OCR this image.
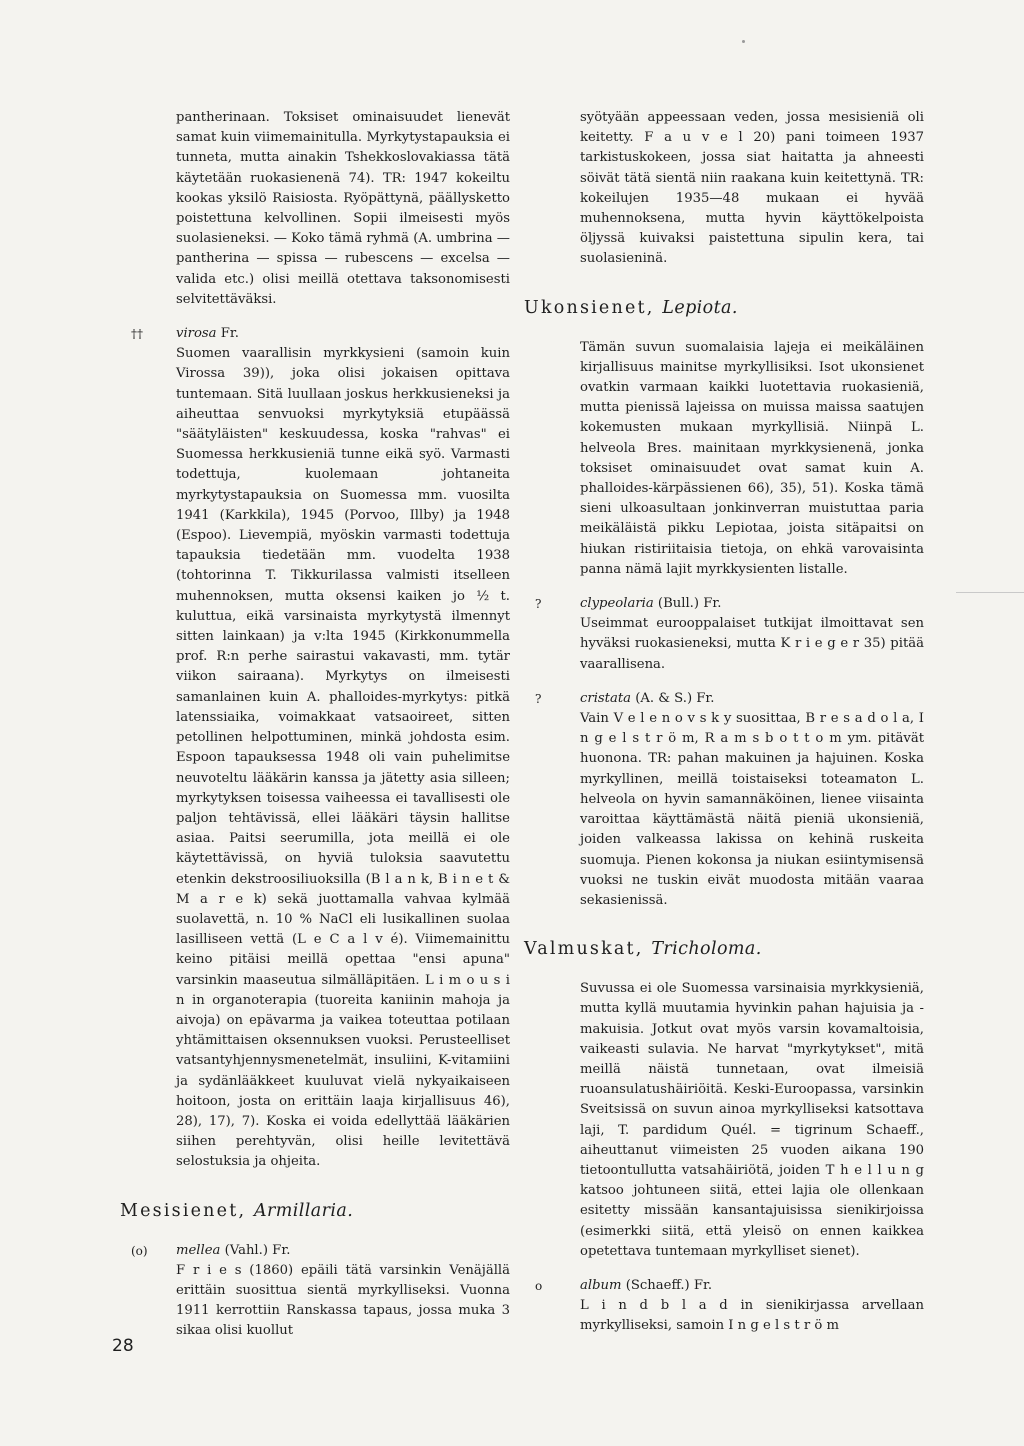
pantherinaan. Toksiset ominaisuudet lienevät samat kuin viimemainitulla. Myrkytystapauksia ei tunneta, mutta ainakin Tshekkoslovakiassa tätä käytetään ruokasienenä 74). TR: 1947 kokeiltu kookas yksilö Raisiosta. Ryöpättynä, päällysketto poistettuna kelvollinen. Sopii ilmeisesti myös suolasieneksi. — Koko tämä ryhmä (A. umbrina — pantherina — spissa — rubescens — excelsa — valida etc.) olisi meillä otettava taksonomisesti selvitettäväksi.

††	virosa Fr.
Suomen vaarallisin myrkkysieni (samoin kuin Virossa 39)), joka olisi jokaisen opittava tuntemaan. Sitä luullaan joskus herkkusieneksi ja aiheuttaa senvuoksi myrkytyksiä etupäässä "säätyläisten" keskuudessa, koska "rahvas" ei Suomessa herkkusieniä tunne eikä syö. Varmasti todettuja, kuolemaan johtaneita myrkytystapauksia on Suomessa mm. vuosilta 1941 (Karkkila), 1945 (Porvoo, Illby) ja 1948 (Espoo). Lievempiä, myöskin varmasti todettuja tapauksia tiedetään mm. vuodelta 1938 (tohtorinna T. Tikkurilassa valmisti itselleen muhennoksen, mutta oksensi kaiken jo ½ t. kuluttua, eikä varsinaista myrkytystä ilmennyt sitten lainkaan) ja v:lta 1945 (Kirkkonummella prof. R:n perhe sairastui vakavasti, mm. tytär viikon sairaana). Myrkytys on ilmeisesti samanlainen kuin A. phalloides-myrkytys: pitkä latenssiaika, voimakkaat vatsaoireet, sitten petollinen helpottuminen, minkä johdosta esim. Espoon tapauksessa 1948 oli vain puhelimitse neuvoteltu lääkärin kanssa ja jätetty asia silleen; myrkytyksen toisessa vaiheessa ei tavallisesti ole paljon tehtävissä, ellei lääkäri täysin hallitse asiaa. Paitsi seerumilla, jota meillä ei ole käytettävissä, on hyviä tuloksia saavutettu etenkin dekstroosiliuoksilla (B l a n k, B i n e t & M a r e k) sekä juottamalla vahvaa kylmää suolavettä, n. 10 % NaCl eli lusikallinen suolaa lasilliseen vettä (L e C a l v é). Viimemainittu keino pitäisi meillä opettaa "ensi apuna" varsinkin maaseutua silmälläpitäen. L i m o u s i n in organoterapia (tuoreita kaniinin mahoja ja aivoja) on epävarma ja vaikea toteuttaa potilaan yhtämittaisen oksennuksen vuoksi. Perusteelliset vatsantyhjennysmenetelmät, insuliini, K-vitamiini ja sydänlääkkeet kuuluvat vielä nykyaikaiseen hoitoon, josta on erittäin laaja kirjallisuus 46), 28), 17), 7). Koska ei voida edellyttää lääkärien siihen perehtyvän, olisi heille levitettävä selostuksia ja ohjeita.
Mesisienet, Armillaria.
(o) mellea (Vahl.) Fr.
F r i e s (1860) epäili tätä varsinkin Venäjällä erittäin suosittua sientä myrkylliseksi. Vuonna 1911 kerrottiin Ranskassa tapaus, jossa muka 3 sikaa olisi kuollut

syötyään appeessaan veden, jossa mesisieniä oli keitetty. F a u v e l 20) pani toimeen 1937 tarkistuskokeen, jossa siat haitatta ja ahneesti söivät tätä sientä niin raakana kuin keitettynä. TR: kokeilujen 1935—48 mukaan ei hyvää muhennoksena, mutta hyvin käyttökelpoista öljyssä kuivaksi paistettuna sipulin kera, tai suolasieninä.

Ukonsienet, Lepiota.

Tämän suvun suomalaisia lajeja ei meikäläinen kirjallisuus mainitse myrkyllisiksi. Isot ukonsienet ovatkin varmaan kaikki luotettavia ruokasieniä, mutta pienissä lajeissa on muissa maissa saatujen kokemusten mukaan myrkyllisiä. Niinpä L. helveola Bres. mainitaan myrkkysienenä, jonka toksiset ominaisuudet ovat samat kuin A. phalloides-kärpässienen 66), 35), 51). Koska tämä sieni ulkoasultaan jonkinverran muistuttaa paria meikäläistä pikku Lepiotaa, joista sitäpaitsi on hiukan ristiriitaisia tietoja, on ehkä varovaisinta panna nämä lajit myrkkysienten listalle.

?	clypeolaria (Bull.) Fr.
Useimmat eurooppalaiset tutkijat ilmoittavat sen hyväksi ruokasieneksi, mutta K r i e g e r 35) pitää vaarallisena.
?	cristata (A. & S.) Fr.
Vain V e l e n o v s k y suosittaa, B r e s a d o l a, I n g e l s t r ö m, R a m s b o t t o m ym. pitävät huonona. TR: pahan makuinen ja hajuinen. Koska myrkyllinen, meillä toistaiseksi toteamaton L. helveola on hyvin samannäköinen, lienee viisainta varoittaa käyttämästä näitä pieniä ukonsieniä, joiden valkeassa lakissa on kehinä ruskeita suomuja. Pienen kokonsa ja niukan esiintymisensä vuoksi ne tuskin eivät muodosta mitään vaaraa sekasienissä.
Valmuskat, Tricholoma.

Suvussa ei ole Suomessa varsinaisia myrkkysieniä, mutta kyllä muutamia hyvinkin pahan hajuisia ja -makuisia. Jotkut ovat myös varsin kovamaltoisia, vaikeasti sulavia. Ne harvat "myrkytykset", mitä meillä näistä tunnetaan, ovat ilmeisiä ruoansulatushäiriöitä. Keski-Euroopassa, varsinkin Sveitsissä on suvun ainoa myrkylliseksi katsottava laji, T. pardidum Quél. = tigrinum Schaeff., aiheuttanut viimeisten 25 vuoden aikana 190 tietoontullutta vatsahäiriötä, joiden T h e l l u n g katsoo johtuneen siitä, ettei lajia ole ollenkaan esitetty missään kansantajuisissa sienikirjoissa (esimerkki siitä, että yleisö on ennen kaikkea opetettava tuntemaan myrkylliset sienet).

o	album (Schaeff.) Fr.
L i n d b l a d in sienikirjassa arvellaan myrkylliseksi, samoin I n g e l s t r ö m
28
